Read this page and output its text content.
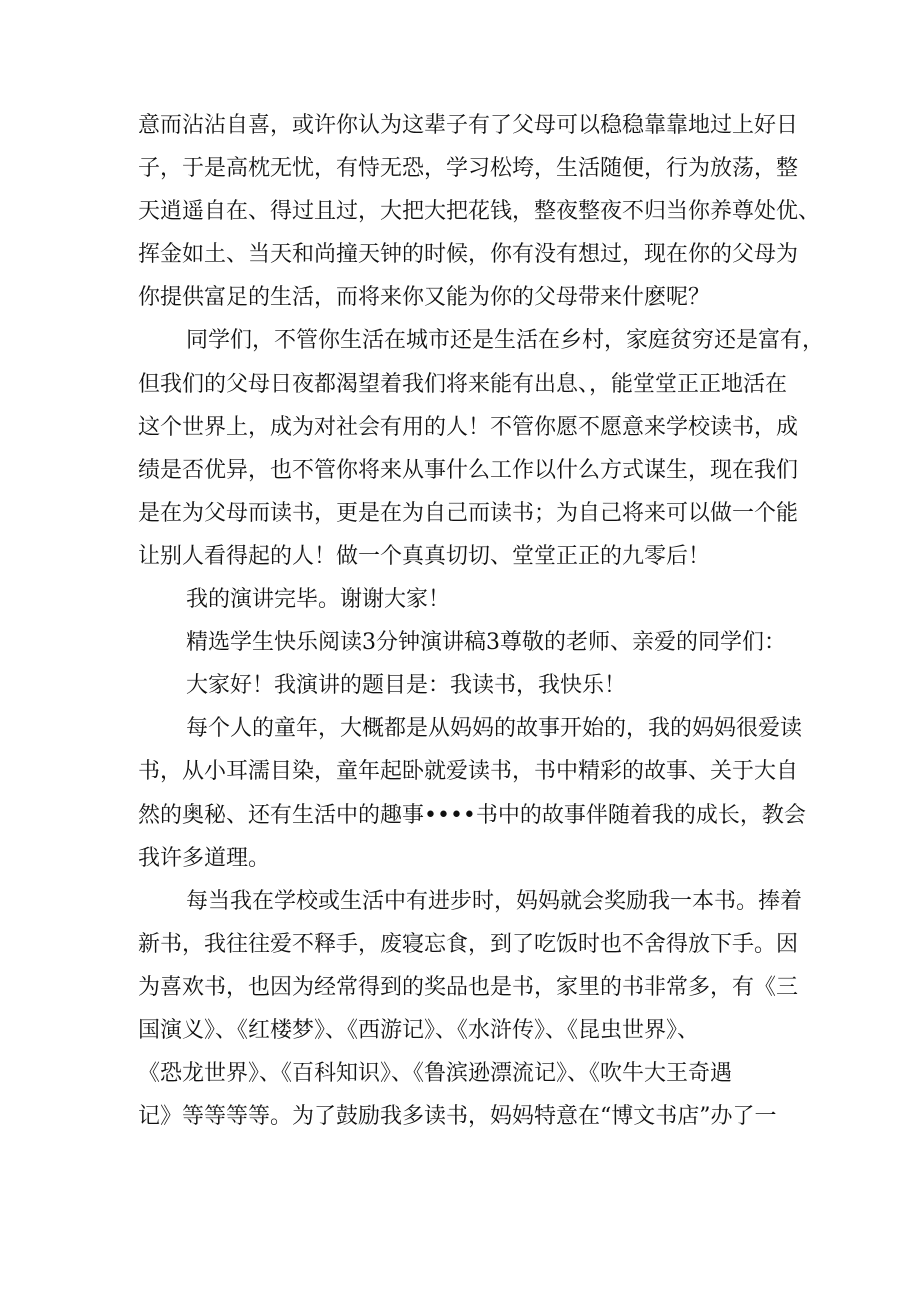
意而沾沾自喜，或许你认为这辈子有了父母可以稳稳靠靠地过上好日
子，于是高枕无忧，有恃无恐，学习松垮，生活随便，行为放荡，整
天逍遥自在、得过且过，大把大把花钱，整夜整夜不归当你养尊处优、
挥金如土、当天和尚撞天钟的时候，你有没有想过，现在你的父母为
你提供富足的生活，而将来你又能为你的父母带来什麽呢？
同学们，不管你生活在城市还是生活在乡村，家庭贫穷还是富有，
但我们的父母日夜都渴望着我们将来能有出息、，能堂堂正正地活在
这个世界上，成为对社会有用的人！不管你愿不愿意来学校读书，成
绩是否优异，也不管你将来从事什么工作以什么方式谋生，现在我们
是在为父母而读书，更是在为自己而读书；为自己将来可以做一个能
让别人看得起的人！做一个真真切切、堂堂正正的九零后！
我的演讲完毕。谢谢大家！
精选学生快乐阅读3分钟演讲稿3尊敬的老师、亲爱的同学们：
大家好！我演讲的题目是：我读书，我快乐！
每个人的童年，大概都是从妈妈的故事开始的，我的妈妈很爱读
书，从小耳濡目染，童年起卧就爱读书，书中精彩的故事、关于大自
然的奥秘、还有生活中的趣事••••书中的故事伴随着我的成长，教会
我许多道理。
每当我在学校或生活中有进步时，妈妈就会奖励我一本书。捧着
新书，我往往爱不释手，废寝忘食，到了吃饭时也不舍得放下手。因
为喜欢书，也因为经常得到的奖品也是书，家里的书非常多，有《三
国演义》、《红楼梦》、《西游记》、《水浒传》、《昆虫世界》、
《恐龙世界》、《百科知识》、《鲁滨逊漂流记》、《吹牛大王奇遇
记》等等等等。为了鼓励我多读书，妈妈特意在“博文书店”办了一
